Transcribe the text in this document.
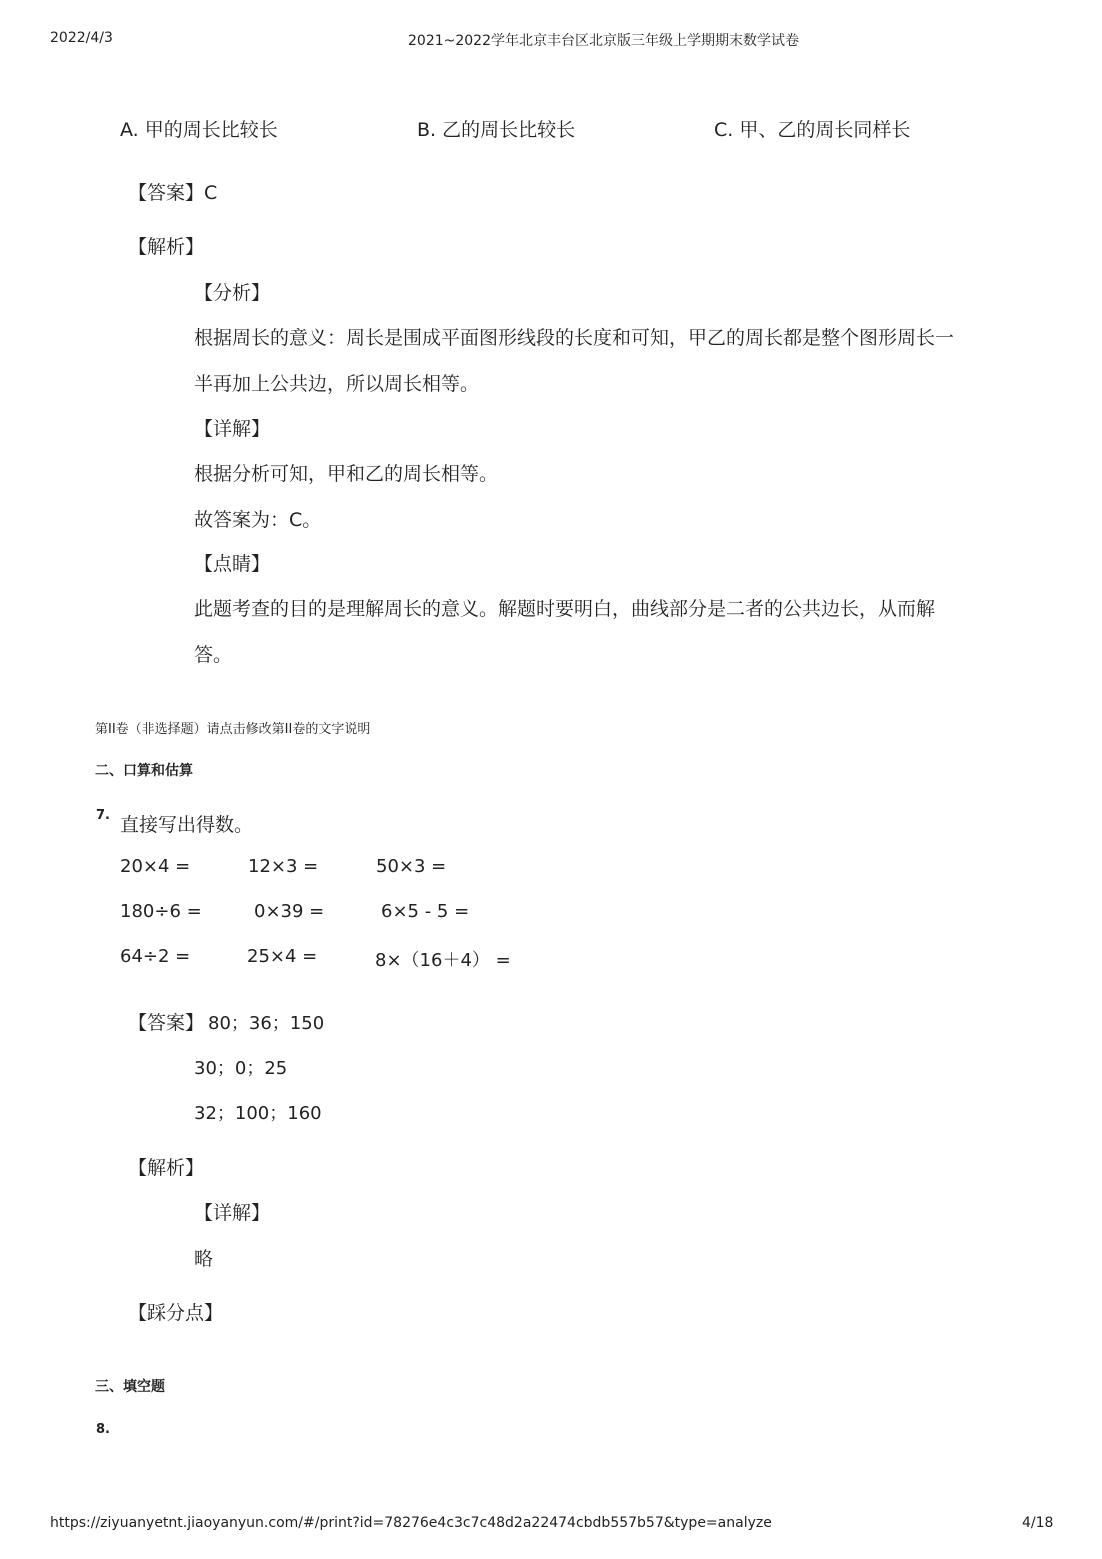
2022/4/3	2021~2022学年北京丰台区北京版三年级上学期期末数学试卷
A. 甲的周长比较长	B. 乙的周长比较长	C. 甲、乙的周长同样长
【答案】C
【解析】
【分析】
根据周长的意义：周长是围成平面图形线段的长度和可知，甲乙的周长都是整个图形周长一
半再加上公共边，所以周长相等。
【详解】
根据分析可知，甲和乙的周长相等。
故答案为：C。
【点睛】
此题考查的目的是理解周长的意义。解题时要明白，曲线部分是二者的公共边长，从而解
答。
第II卷（非选择题）请点击修改第II卷的文字说明
二、口算和估算
7. 直接写出得数。
20×4 =	12×3 =	50×3 =
180÷6 =	0×39 =	6×5 - 5 =
64÷2 =	25×4 =	8×（16＋4） =
【答案】 80；36；150
30；0；25
32；100；160
【解析】
【详解】
略
【踩分点】
三、填空题
8.
https://ziyuanyetnt.jiaoyanyun.com/#/print?id=78276e4c3c7c48d2a22474cbdb557b57&type=analyze	4/18
